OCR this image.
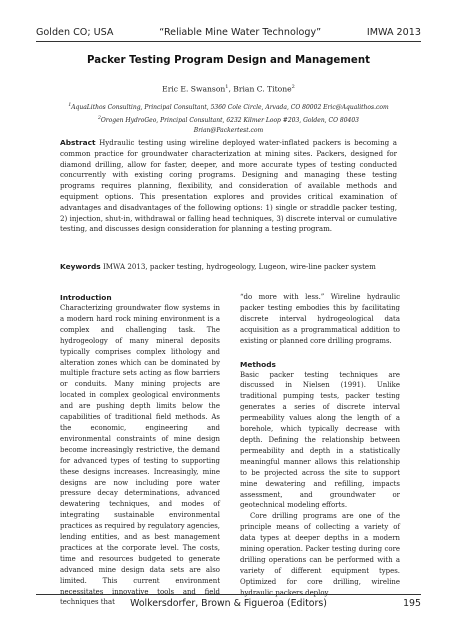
Golden CO; USA	“Reliable Mine Water Technology”	IMWA 2013
Packer Testing Program Design and Management
Eric E. Swanson$^1$, Brian C. Titone$^2$
$^1$AquaLithos Consulting, Principal Consultant, 5360 Cole Circle, Arvada, CO 80002 Eric@Aqualithos.com
$^2$Orogen HydroGeo, Principal Consultant, 6232 Kilmer Loop #203, Golden, CO 80403
Brian@Packertest.com
Abstract Hydraulic testing using wireline deployed water-inflated packers is becoming a common practice for groundwater characterization at mining sites. Packers, designed for diamond drilling, allow for faster, deeper, and more accurate types of testing conducted concurrently with existing coring programs. Designing and managing these testing programs requires planning, flexibility, and consideration of available methods and equipment options. This presentation explores and provides critical examination of advantages and disadvantages of the following options: 1) single or straddle packer testing, 2) injection, shut-in, withdrawal or falling head techniques, 3) discrete interval or cumulative testing, and discusses design consideration for planning a testing program.
Keywords IMWA 2013, packer testing, hydrogeology, Lugeon, wire-line packer system
Introduction

Characterizing groundwater flow systems in a modern hard rock mining environment is a complex and challenging task. The hydrogeology of many mineral deposits typically comprises complex lithology and alteration zones which can be dominated by multiple fracture sets acting as flow barriers or conduits. Many mining projects are located in complex geological environments and are pushing depth limits below the capabilities of traditional field methods. As the economic, engineering and environmental constraints of mine design become increasingly restrictive, the demand for advanced types of testing to supporting these designs increases. Increasingly, mine designs are now including pore water pressure decay determinations, advanced dewatering techniques, and modes of integrating sustainable environmental practices as required by regulatory agencies, lending entities, and as best management practices at the corporate level. The costs, time and resources budgeted to generate advanced mine design data sets are also limited. This current environment necessitates innovative tools and field techniques that

“do more with less.” Wireline hydraulic packer testing embodies this by facilitating discrete interval hydrogeological data acquisition as a programmatical addition to existing or planned core drilling programs.

Methods

Basic packer testing techniques are discussed in Nielsen (1991). Unlike traditional pumping tests, packer testing generates a series of discrete interval permeability values along the length of a borehole, which typically decrease with depth. Defining the relationship between permeability and depth in a statistically meaningful manner allows this relationship to be projected across the site to support mine dewatering and refilling, impacts assessment, and groundwater or geotechnical modeling efforts.

Core drilling programs are one of the principle means of collecting a variety of data types at deeper depths in a modern mining operation. Packer testing during core drilling operations can be performed with a variety of different equipment types. Optimized for core drilling, wireline hydraulic packers deploy

Wolkersdorfer, Brown & Figueroa (Editors)	195
